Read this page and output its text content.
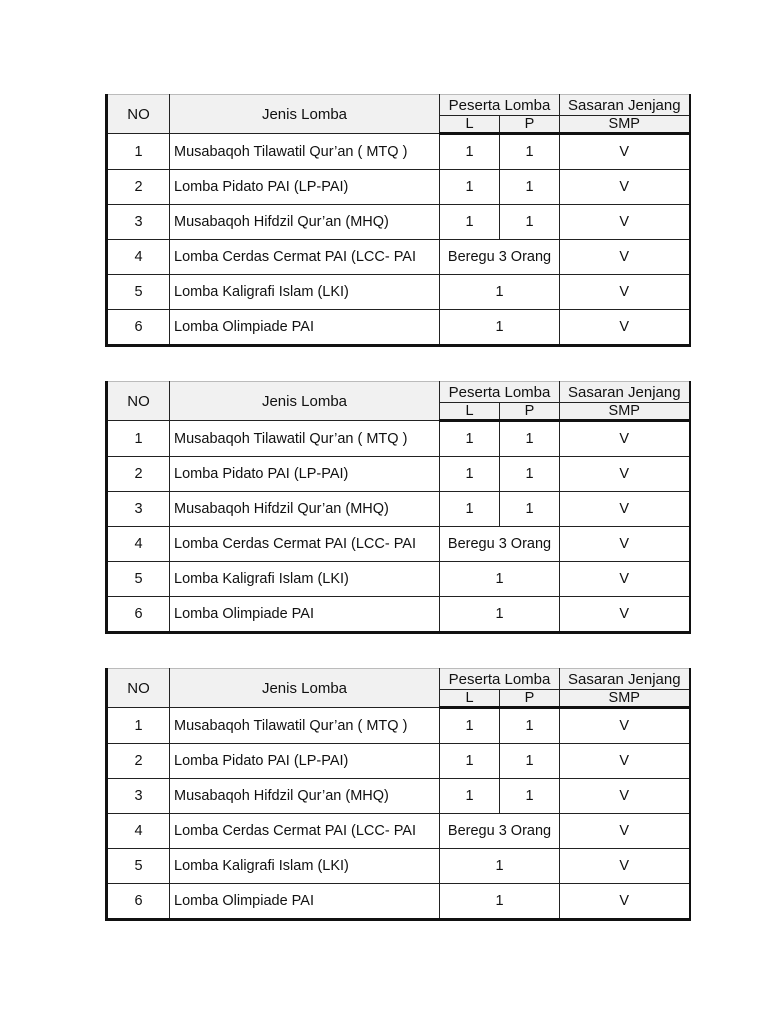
NO	Jenis Lomba	Peserta Lomba		Sasaran Jenjang
		L	P	SMP
1	Musabaqoh Tilawatil Qur’an ( MTQ )	1	1	V
2	Lomba Pidato PAI (LP-PAI)	1	1	V
3	Musabaqoh Hifdzil Qur’an (MHQ)	1	1	V
4	Lomba Cerdas Cermat PAI (LCC- PAI	Beregu 3 Orang		V
5	Lomba Kaligrafi Islam (LKI)	1		V
6	Lomba Olimpiade PAI	1		V
NO	Jenis Lomba	Peserta Lomba		Sasaran Jenjang
		L	P	SMP
1	Musabaqoh Tilawatil Qur’an ( MTQ )	1	1	V
2	Lomba Pidato PAI (LP-PAI)	1	1	V
3	Musabaqoh Hifdzil Qur’an (MHQ)	1	1	V
4	Lomba Cerdas Cermat PAI (LCC- PAI	Beregu 3 Orang		V
5	Lomba Kaligrafi Islam (LKI)	1		V
6	Lomba Olimpiade PAI	1		V
NO	Jenis Lomba	Peserta Lomba		Sasaran Jenjang
		L	P	SMP
1	Musabaqoh Tilawatil Qur’an ( MTQ )	1	1	V
2	Lomba Pidato PAI (LP-PAI)	1	1	V
3	Musabaqoh Hifdzil Qur’an (MHQ)	1	1	V
4	Lomba Cerdas Cermat PAI (LCC- PAI	Beregu 3 Orang		V
5	Lomba Kaligrafi Islam (LKI)	1		V
6	Lomba Olimpiade PAI	1		V
